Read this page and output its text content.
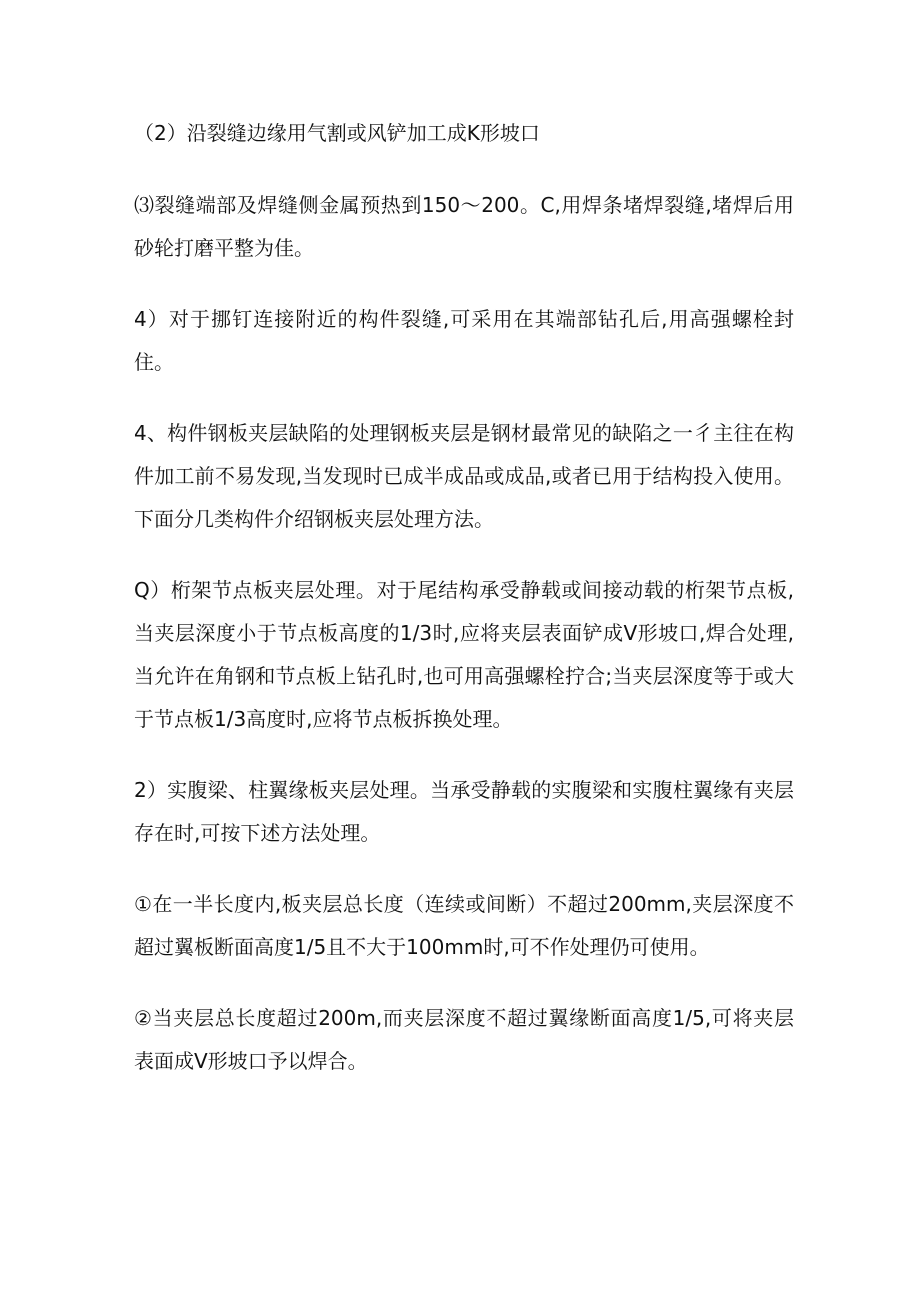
（2）沿裂缝边缘用气割或风铲加工成K形坡口

⑶裂缝端部及焊缝侧金属预热到150〜200。C,用焊条堵焊裂缝,堵焊后用砂轮打磨平整为佳。

4）对于挪钉连接附近的构件裂缝,可采用在其端部钻孔后,用高强螺栓封住。

4、构件钢板夹层缺陷的处理钢板夹层是钢材最常见的缺陷之一彳主往在构件加工前不易发现,当发现时已成半成品或成品,或者已用于结构投入使用。下面分几类构件介绍钢板夹层处理方法。

Q）桁架节点板夹层处理。对于尾结构承受静载或间接动载的桁架节点板,当夹层深度小于节点板高度的1/3时,应将夹层表面铲成V形坡口,焊合处理,当允许在角钢和节点板上钻孔时,也可用高强螺栓拧合;当夹层深度等于或大于节点板1/3高度时,应将节点板拆换处理。

2）实腹梁、柱翼缘板夹层处理。当承受静载的实腹梁和实腹柱翼缘有夹层存在时,可按下述方法处理。

①在一半长度内,板夹层总长度（连续或间断）不超过200mm,夹层深度不超过翼板断面高度1/5且不大于100mm时,可不作处理仍可使用。

②当夹层总长度超过200m,而夹层深度不超过翼缘断面高度1/5,可将夹层表面成V形坡口予以焊合。
